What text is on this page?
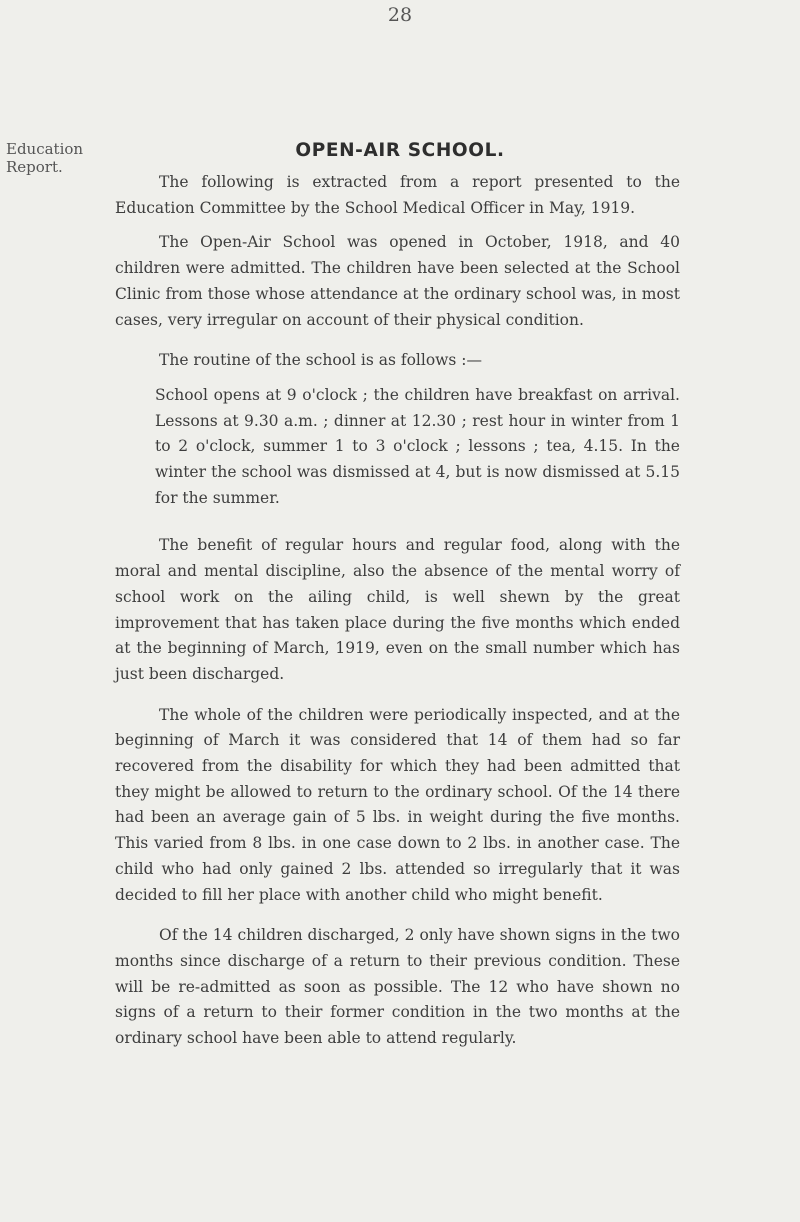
28
Education Report.
OPEN-AIR SCHOOL.

The following is extracted from a report presented to the Education Committee by the School Medical Officer in May, 1919.

The Open-Air School was opened in October, 1918, and 40 children were admitted. The children have been selected at the School Clinic from those whose attendance at the ordinary school was, in most cases, very irregular on account of their physical condition.

The routine of the school is as follows :—

School opens at 9 o'clock ; the children have breakfast on arrival. Lessons at 9.30 a.m. ; dinner at 12.30 ; rest hour in winter from 1 to 2 o'clock, summer 1 to 3 o'clock ; lessons ; tea, 4.15. In the winter the school was dismissed at 4, but is now dismissed at 5.15 for the summer.

The benefit of regular hours and regular food, along with the moral and mental discipline, also the absence of the mental worry of school work on the ailing child, is well shewn by the great improvement that has taken place during the five months which ended at the beginning of March, 1919, even on the small number which has just been discharged.

The whole of the children were periodically inspected, and at the beginning of March it was considered that 14 of them had so far recovered from the disability for which they had been admitted that they might be allowed to return to the ordinary school. Of the 14 there had been an average gain of 5 lbs. in weight during the five months. This varied from 8 lbs. in one case down to 2 lbs. in another case. The child who had only gained 2 lbs. attended so irregularly that it was decided to fill her place with another child who might benefit.

Of the 14 children discharged, 2 only have shown signs in the two months since discharge of a return to their previous condition. These will be re-admitted as soon as possible. The 12 who have shown no signs of a return to their former condition in the two months at the ordinary school have been able to attend regularly.
